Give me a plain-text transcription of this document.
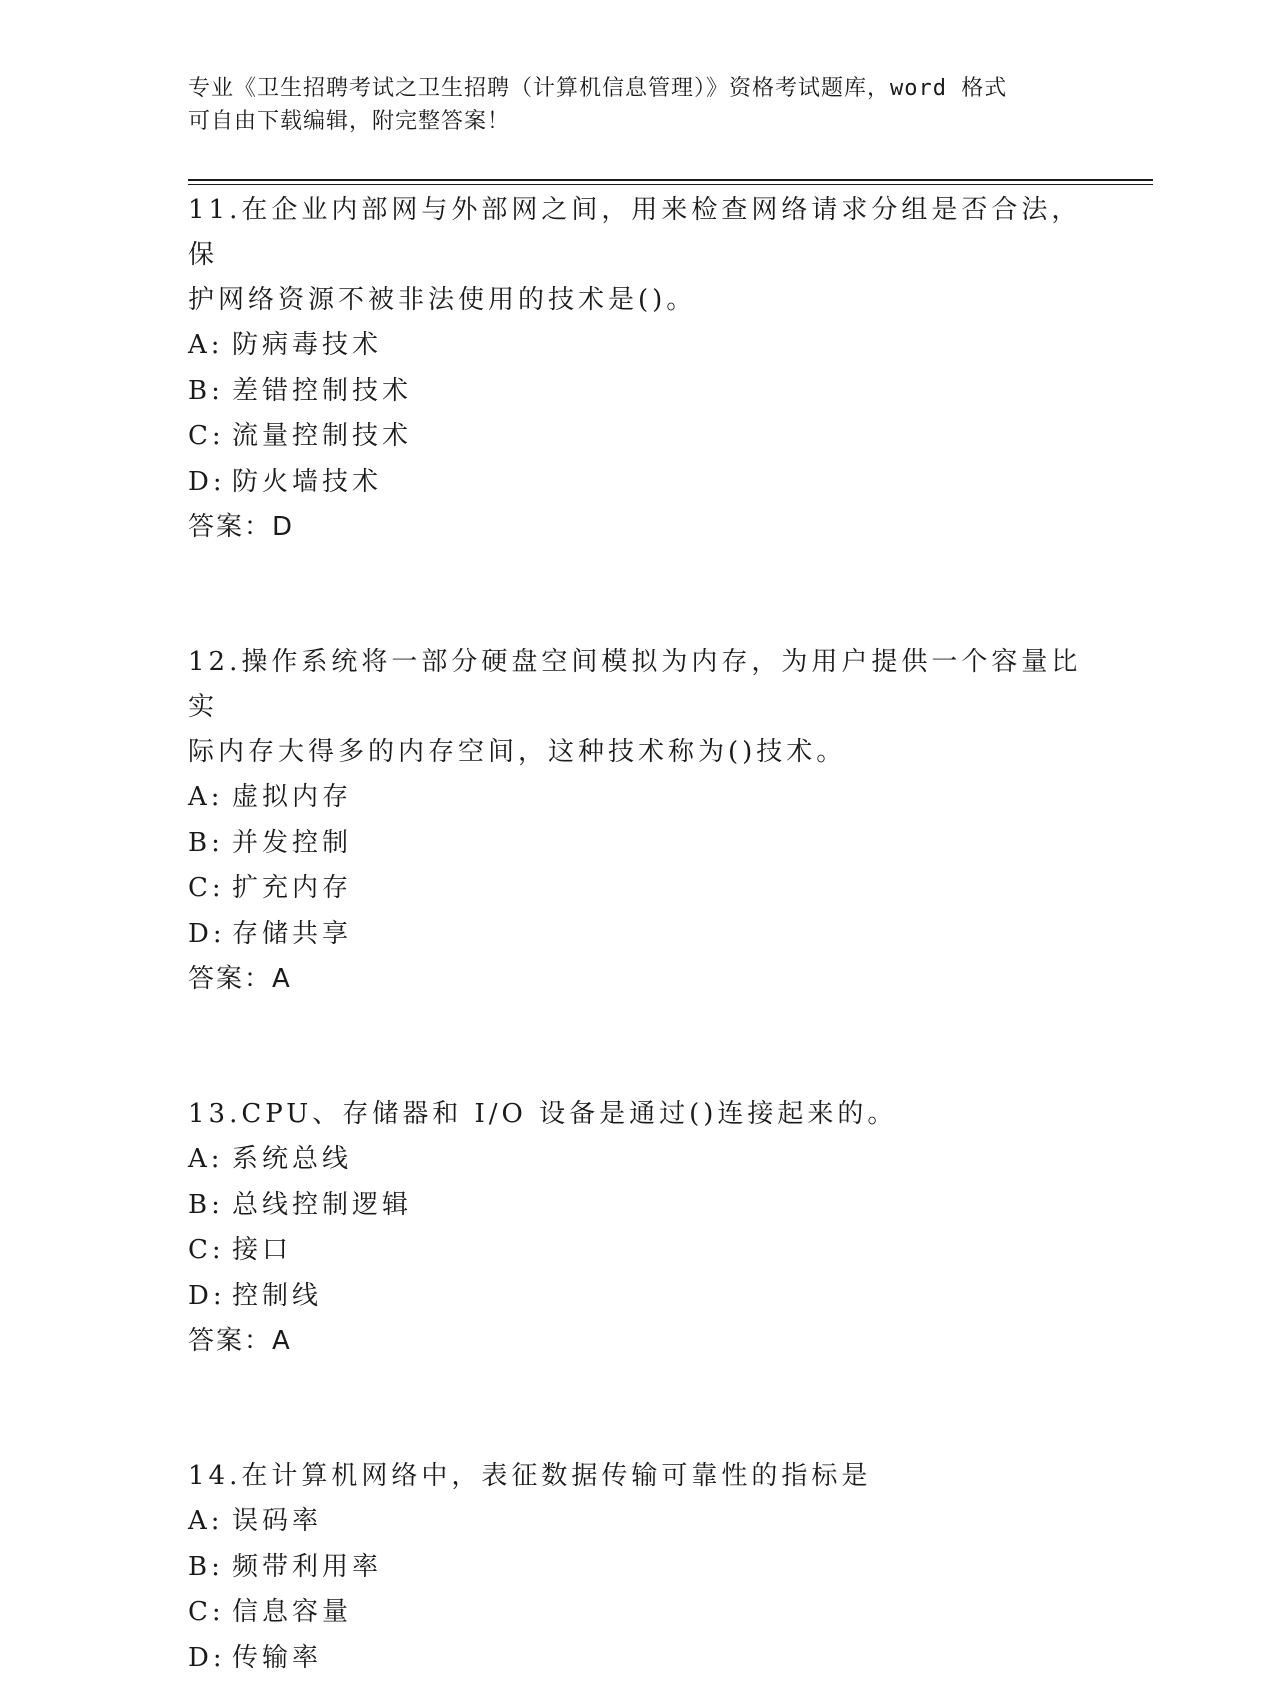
专业《卫生招聘考试之卫生招聘（计算机信息管理）》资格考试题库，word 格式
可自由下载编辑，附完整答案！
11.在企业内部网与外部网之间，用来检查网络请求分组是否合法，保
护网络资源不被非法使用的技术是()。
A: 防病毒技术
B: 差错控制技术
C: 流量控制技术
D: 防火墙技术
答案：D
12.操作系统将一部分硬盘空间模拟为内存，为用户提供一个容量比实
际内存大得多的内存空间，这种技术称为()技术。
A: 虚拟内存
B: 并发控制
C: 扩充内存
D: 存储共享
答案：A
13.CPU、存储器和 I/O 设备是通过()连接起来的。
A: 系统总线
B: 总线控制逻辑
C: 接口
D: 控制线
答案：A
14.在计算机网络中，表征数据传输可靠性的指标是
A: 误码率
B: 频带利用率
C: 信息容量
D: 传输率
